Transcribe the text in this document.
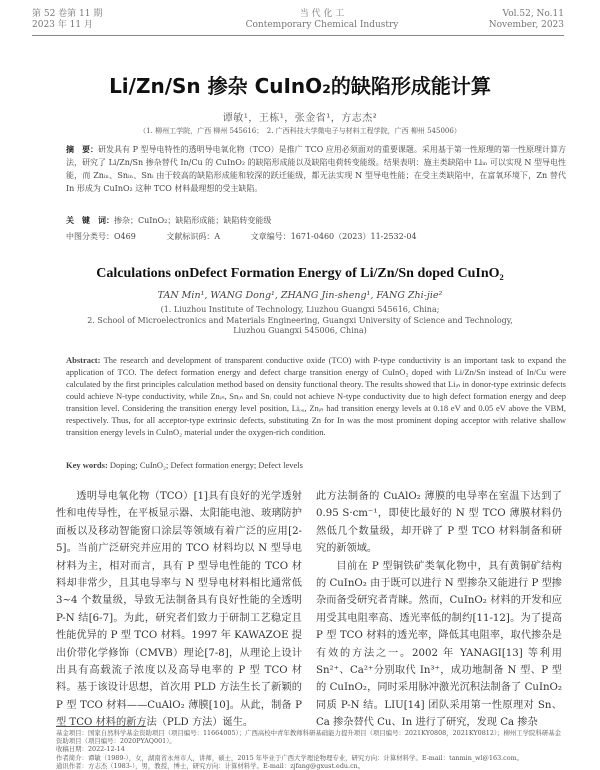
第 52 卷第 11 期
2023 年 11 月
当 代 化 工
Contemporary Chemical Industry
Vol.52, No.11
November, 2023
Li/Zn/Sn 掺杂 CuInO₂的缺陷形成能计算
谭敏¹，王栋¹，张金省¹，方志杰²
（1. 柳州工学院，广西 柳州 545616；　2. 广西科技大学微电子与材料工程学院，广西 柳州 545006）
摘　要：研发具有 P 型导电特性的透明导电氧化物（TCO）是推广 TCO 应用必须面对的重要课题。采用基于第一性原理的第一性原理计算方法，研究了 Li/Zn/Sn 掺杂替代 In/Cu 的 CuInO₂ 的缺陷形成能以及缺陷电荷转变能级。结果表明：施主类缺陷中 Liᵢₙ 可以实现 N 型导电性能，而 Znᵢₙ、Snᵢₙ、Snᵢ 由于较高的缺陷形成能和较深的跃迁能级，都无法实现 N 型导电性能；在受主类缺陷中，在富氧环境下，Zn 替代 In 形成为 CuInO₂ 这种 TCO 材料最理想的受主缺陷。
关　键　词：掺杂；CuInO₂；缺陷形成能；缺陷转变能级
中图分类号：O469	文献标识码：A	文章编号：1671-0460（2023）11-2532-04
Calculations onDefect Formation Energy of Li/Zn/Sn doped CuInO₂
TAN Min¹, WANG Dong¹, ZHANG Jin-sheng¹, FANG Zhi-jie²
(1. Liuzhou Institute of Technology, Liuzhou Guangxi 545616, China;
2. School of Microelectronics and Materials Engineering, Guangxi University of Science and Technology,
Liuzhou Guangxi 545006, China)
Abstract: The research and development of transparent conductive oxide (TCO) with P-type conductivity is an important task to expand the application of TCO. The defect formation energy and defect charge transition energy of CuInO₂ doped with Li/Zn/Sn instead of In/Cu were calculated by the first principles calculation method based on density functional theory. The results showed that Liᵢₙ in donor-type extrinsic defects could achieve N-type conductivity, while Znᵢₙ, Snᵢₙ and Snᵢ could not achieve N-type conductivity due to high defect formation energy and deep transition level. Considering the transition energy level position, Liₒᵤ, Znᵢₙ had transition energy levels at 0.18 eV and 0.05 eV above the VBM, respectively. Thus, for all acceptor-type extrinsic defects, substituting Zn for In was the most prominent doping acceptor with relative shallow transition energy levels in CuInO₂ material under the oxygen-rich condition.
Key words: Doping; CuInO₂; Defect formation energy; Defect levels

透明导电氧化物（TCO）[1]具有良好的光学透射性和电传导性，在平板显示器、太阳能电池、玻璃防护面板以及移动智能窗口涂层等领域有着广泛的应用[2-5]。当前广泛研究并应用的 TCO 材料均以 N 型导电材料为主，相对而言，具有 P 型导电性能的 TCO 材料却非常少，且其电导率与 N 型导电材料相比通常低 3~4 个数量级，导致无法制备具有良好性能的全透明 P-N 结[6-7]。为此，研究者们致力于研制工艺稳定且性能优异的 P 型 TCO 材料。1997 年 KAWAZOE 提出价带化学修饰（CMVB）理论[7-8]，从理论上设计出具有高载流子浓度以及高导电率的 P 型 TCO 材料。基于该设计思想，首次用 PLD 方法生长了新颖的 P 型 TCO 材料——CuAlO₂ 薄膜[10]。从此，制备 P 型 TCO 材料的新方法（PLD 方法）诞生。

此方法制备的 CuAlO₂ 薄膜的电导率在室温下达到了 0.95 S·cm⁻¹，即使比最好的 N 型 TCO 薄膜材料仍然低几个数量级，却开辟了 P 型 TCO 材料制备和研究的新领域。

目前在 P 型铜铁矿类氧化物中，具有黄铜矿结构的 CuInO₂ 由于既可以进行 N 型掺杂又能进行 P 型掺杂而备受研究者青睐。然而，CuInO₂ 材料的开发和应用受其电阻率高、透光率低的制约[11-12]。为了提高 P 型 TCO 材料的透光率，降低其电阻率，取代掺杂是有效的方法之一。2002 年 YANAGI[13] 等利用 Sn²⁺、Ca²⁺分别取代 In³⁺，成功地制备 N 型、P 型的 CuInO₂，同时采用脉冲激光沉积法制备了 CuInO₂ 同质 P-N 结。LIU[14] 团队采用第一性原理对 Sn、Ca 掺杂替代 Cu、In 进行了研究，发现 Ca 掺杂

基金项目：国家自然科学基金资助项目（项目编号：11664005）；广西高校中青年教师科研基础能力提升项目（项目编号：2021KY0808，2021KY0812）；柳州工学院科研基金资助项目（项目编号：2020PYAQ001）。
收稿日期：2022-12-14
作者简介：谭敏（1989-），女，湖南省永州市人，讲师，硕士，2015 年毕业于广西大学理论物理专业，研究方向：计算材料学。E-mail：tanmin_wl@163.com。
通讯作者：方志杰（1983-），男，教授，博士，研究方向：计算材料学。E-mail：zjfang@gxust.edu.cn。
